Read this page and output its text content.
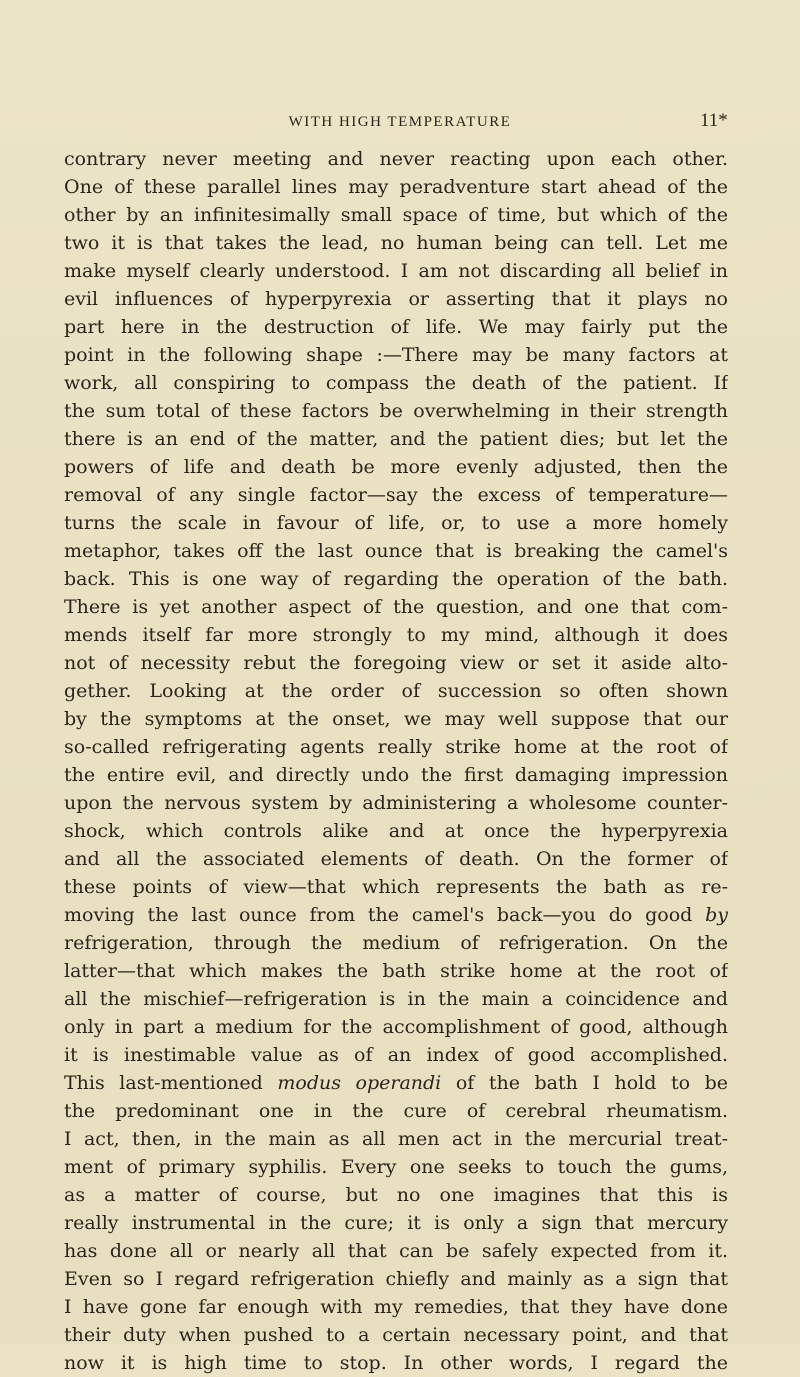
WITH HIGH TEMPERATURE	11*
contrary never meeting and never reacting upon each other.
One of these parallel lines may peradventure start ahead of the
other by an infinitesimally small space of time, but which of the
two it is that takes the lead, no human being can tell. Let me
make myself clearly understood. I am not discarding all belief in
evil influences of hyperpyrexia or asserting that it plays no
part here in the destruction of life. We may fairly put the
point in the following shape :—There may be many factors at
work, all conspiring to compass the death of the patient. If
the sum total of these factors be overwhelming in their strength
there is an end of the matter, and the patient dies; but let the
powers of life and death be more evenly adjusted, then the
removal of any single factor—say the excess of temperature—
turns the scale in favour of life, or, to use a more homely
metaphor, takes off the last ounce that is breaking the camel's
back. This is one way of regarding the operation of the bath.
There is yet another aspect of the question, and one that com-
mends itself far more strongly to my mind, although it does
not of necessity rebut the foregoing view or set it aside alto-
gether. Looking at the order of succession so often shown
by the symptoms at the onset, we may well suppose that our
so-called refrigerating agents really strike home at the root of
the entire evil, and directly undo the first damaging impression
upon the nervous system by administering a wholesome counter-
shock, which controls alike and at once the hyperpyrexia
and all the associated elements of death. On the former of
these points of view—that which represents the bath as re-
moving the last ounce from the camel's back—you do good by
refrigeration, through the medium of refrigeration. On the
latter—that which makes the bath strike home at the root of
all the mischief—refrigeration is in the main a coincidence and
only in part a medium for the accomplishment of good, although
it is inestimable value as of an index of good accomplished.
This last-mentioned modus operandi of the bath I hold to be
the predominant one in the cure of cerebral rheumatism.
I act, then, in the main as all men act in the mercurial treat-
ment of primary syphilis. Every one seeks to touch the gums,
as a matter of course, but no one imagines that this is
really instrumental in the cure; it is only a sign that mercury
has done all or nearly all that can be safely expected from it.
Even so I regard refrigeration chiefly and mainly as a sign that
I have gone far enough with my remedies, that they have done
their duty when pushed to a certain necessary point, and that
now it is high time to stop. In other words, I regard the
